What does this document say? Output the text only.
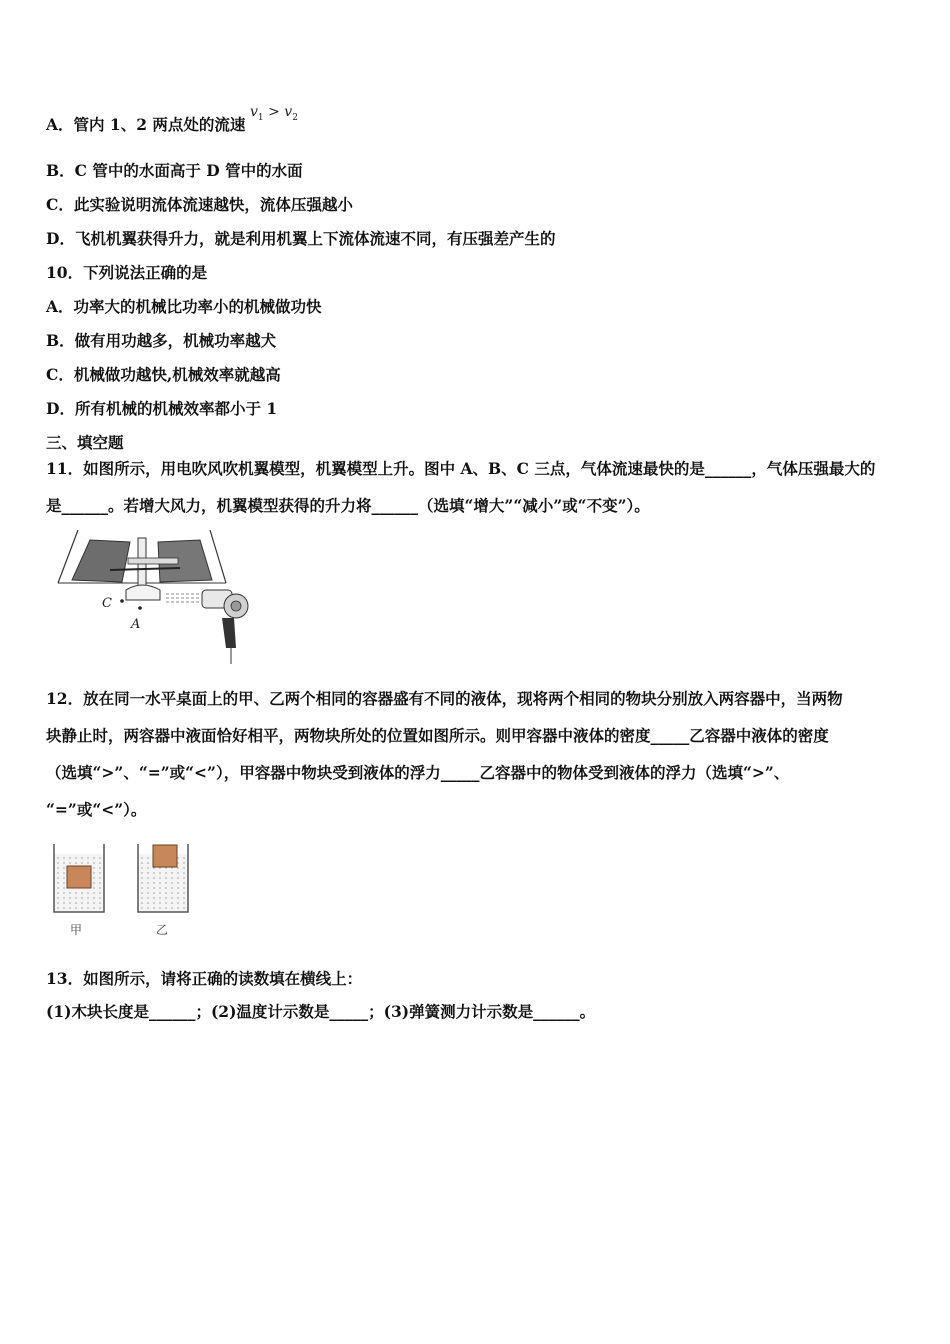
A．管内 1、2 两点处的流速
$v_1 > v_2$
B．C 管中的水面高于 D 管中的水面
C．此实验说明流体流速越快，流体压强越小
D．飞机机翼获得升力，就是利用机翼上下流体流速不同，有压强差产生的
10．下列说法正确的是
A．功率大的机械比功率小的机械做功快
B．做有用功越多，机械功率越犬
C．机械做功越快,机械效率就越高
D．所有机械的机械效率都小于 1
三、填空题
11．如图所示，用电吹风吹机翼模型，机翼模型上升。图中 A、B、C 三点，气体流速最快的是______，气体压强最大的
是______。若增大风力，机翼模型获得的升力将______（选填“增大”“减小”或“不变”）。
C
A
12．放在同一水平桌面上的甲、乙两个相同的容器盛有不同的液体，现将两个相同的物块分别放入两容器中，当两物
块静止时，两容器中液面恰好相平，两物块所处的位置如图所示。则甲容器中液体的密度_____乙容器中液体的密度
（选填“>”、“=”或“<”），甲容器中物块受到液体的浮力_____乙容器中的物体受到液体的浮力（选填“>”、
“=”或“<”）。
甲	乙
13．如图所示，请将正确的读数填在横线上：
(1)木块长度是______；(2)温度计示数是_____；(3)弹簧测力计示数是______。
